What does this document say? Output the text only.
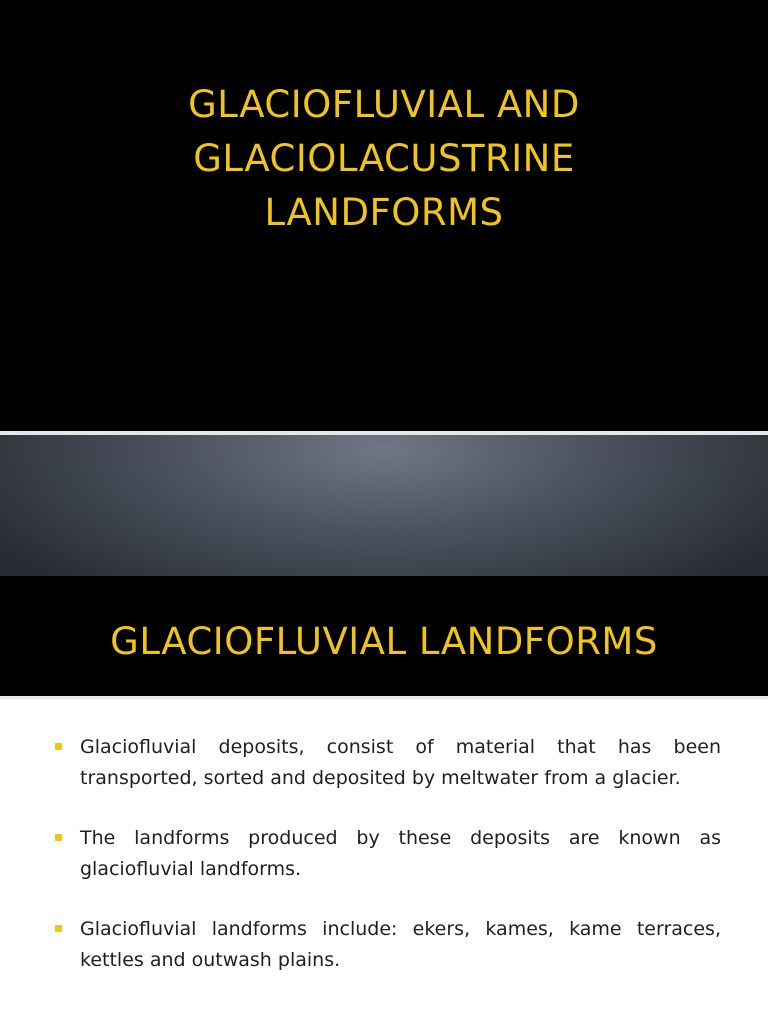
GLACIOFLUVIAL AND
GLACIOLACUSTRINE
LANDFORMS
GLACIOFLUVIAL LANDFORMS
Glaciofluvial deposits, consist of material that has been transported, sorted and deposited by meltwater from a glacier.
The landforms produced by these deposits are known as glaciofluvial landforms.
Glaciofluvial landforms include: ekers, kames, kame terraces, kettles and outwash plains.
